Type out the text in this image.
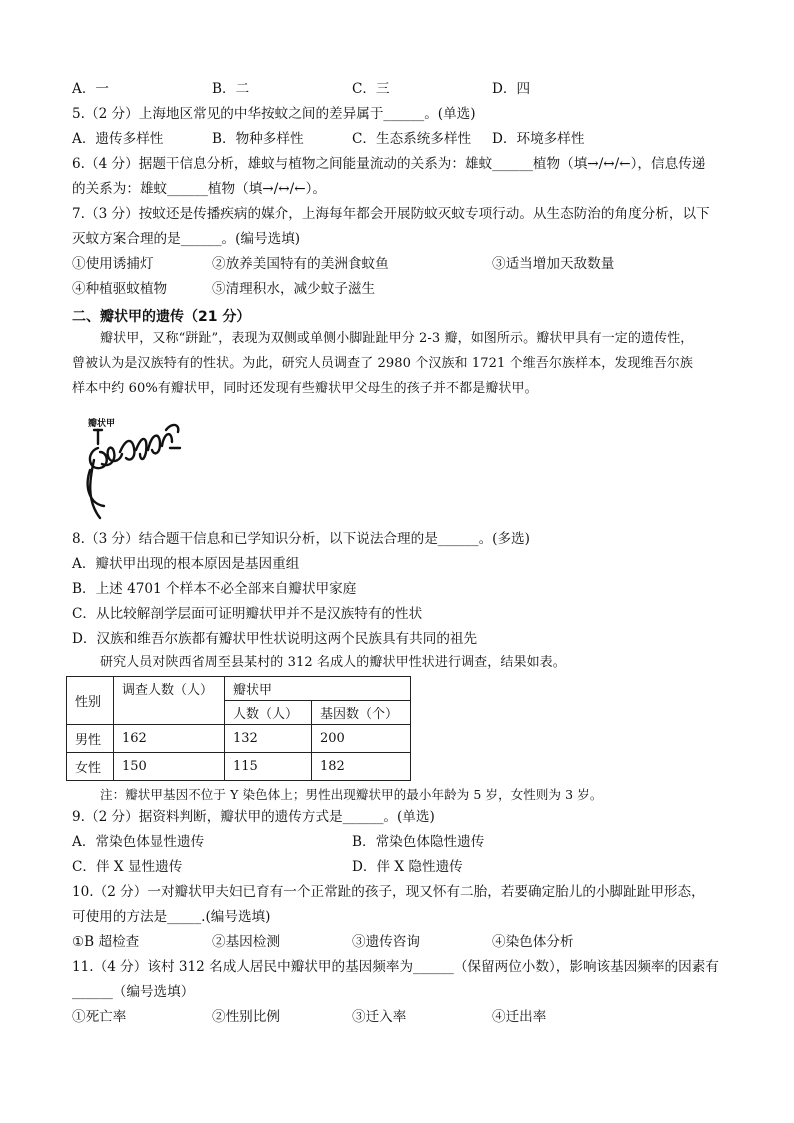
A．一	B．二	C．三	D．四
5.（2 分）上海地区常见的中华按蚊之间的差异属于______。(单选)
A．遗传多样性	B．物种多样性	C．生态系统多样性	D．环境多样性
6.（4 分）据题干信息分析，雄蚊与植物之间能量流动的关系为：雄蚊______植物（填→/↔/←），信息传递
的关系为：雄蚊______植物（填→/↔/←）。
7.（3 分）按蚊还是传播疾病的媒介，上海每年都会开展防蚊灭蚊专项行动。从生态防治的角度分析，以下
灭蚊方案合理的是______。(编号选填)
①使用诱捕灯	②放养美国特有的美洲食蚊鱼	③适当增加天敌数量
④种植驱蚊植物	⑤清理积水，减少蚊子滋生
二、瓣状甲的遗传（21 分）
瓣状甲，又称“跰趾”，表现为双侧或单侧小脚趾趾甲分 2-3 瓣，如图所示。瓣状甲具有一定的遗传性，
曾被认为是汉族特有的性状。为此，研究人员调查了 2980 个汉族和 1721 个维吾尔族样本，发现维吾尔族
样本中约 60%有瓣状甲，同时还发现有些瓣状甲父母生的孩子并不都是瓣状甲。
瓣状甲
8.（3 分）结合题干信息和已学知识分析，以下说法合理的是______。(多选)
A．瓣状甲出现的根本原因是基因重组
B．上述 4701 个样本不必全部来自瓣状甲家庭
C．从比较解剖学层面可证明瓣状甲并不是汉族特有的性状
D．汉族和维吾尔族都有瓣状甲性状说明这两个民族具有共同的祖先
研究人员对陕西省周至县某村的 312 名成人的瓣状甲性状进行调查，结果如表。
性别	调查人数（人）	瓣状甲	
		人数（人）	基因数（个）
男性	162	132	200
女性	150	115	182
注：瓣状甲基因不位于 Y 染色体上；男性出现瓣状甲的最小年龄为 5 岁，女性则为 3 岁。
9.（2 分）据资料判断，瓣状甲的遗传方式是______。(单选)
A．常染色体显性遗传	B．常染色体隐性遗传
C．伴 X 显性遗传	D．伴 X 隐性遗传
10.（2 分）一对瓣状甲夫妇已育有一个正常趾的孩子，现又怀有二胎，若要确定胎儿的小脚趾趾甲形态，
可使用的方法是_____.(编号选填)
①B 超检查	②基因检测	③遗传咨询	④染色体分析
11.（4 分）该村 312 名成人居民中瓣状甲的基因频率为______（保留两位小数），影响该基因频率的因素有
______（编号选填）
①死亡率	②性别比例	③迁入率	④迁出率
